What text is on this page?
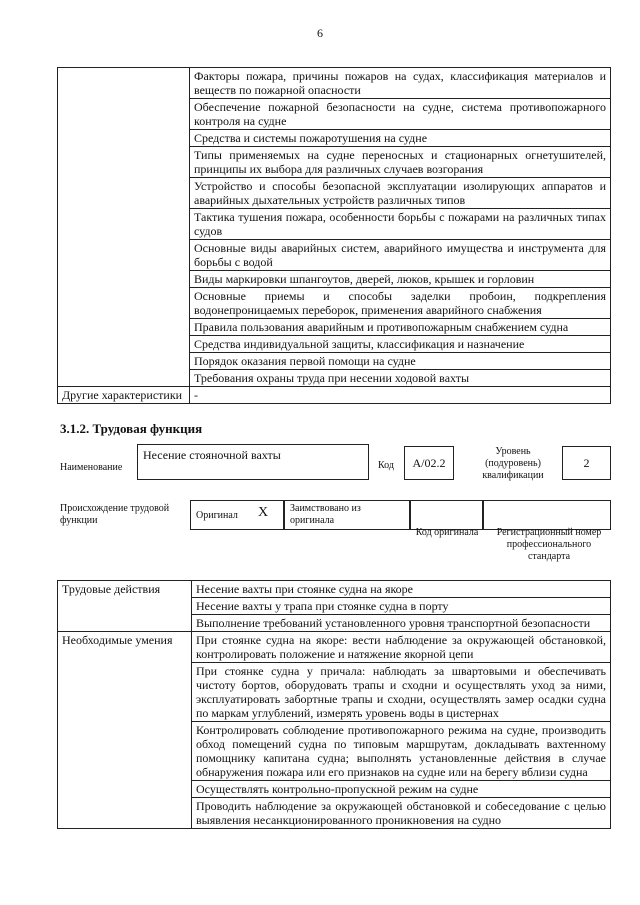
6
	Факторы пожара, причины пожаров на судах, классификация материалов и веществ по пожарной опасности
	Обеспечение пожарной безопасности на судне, система противопожарного контроля на судне
	Средства и системы пожаротушения на судне
	Типы применяемых на судне переносных и стационарных огнетушителей, принципы их выбора для различных случаев возгорания
	Устройство и способы безопасной эксплуатации изолирующих аппаратов и аварийных дыхательных устройств различных типов
	Тактика тушения пожара, особенности борьбы с пожарами на различных типах судов
	Основные виды аварийных систем, аварийного имущества и инструмента для борьбы с водой
	Виды маркировки шпангоутов, дверей, люков, крышек и горловин
	Основные приемы и способы заделки пробоин, подкрепления водонепроницаемых переборок, применения аварийного снабжения
	Правила пользования аварийным и противопожарным снабжением судна
	Средства индивидуальной защиты, классификация и назначение
	Порядок оказания первой помощи на судне
	Требования охраны труда при несении ходовой вахты
Другие характеристики	-
3.1.2. Трудовая функция
Наименование
Несение стояночной вахты
Код	А/02.2
Уровень (подуровень) квалификации
2
Происхождение трудовой функции	Оригинал X Заимствовано из оригинала
Код оригинала	Регистрационный номер профессионального стандарта
Трудовые действия	Несение вахты при стоянке судна на якоре
	Несение вахты у трапа при стоянке судна в порту
	Выполнение требований установленного уровня транспортной безопасности
Необходимые умения	При стоянке судна на якоре: вести наблюдение за окружающей обстановкой, контролировать положение и натяжение якорной цепи
	При стоянке судна у причала: наблюдать за швартовыми и обеспечивать чистоту бортов, оборудовать трапы и сходни и осуществлять уход за ними, эксплуатировать забортные трапы и сходни, осуществлять замер осадки судна по маркам углублений, измерять уровень воды в цистернах
	Контролировать соблюдение противопожарного режима на судне, производить обход помещений судна по типовым маршрутам, докладывать вахтенному помощнику капитана судна; выполнять установленные действия в случае обнаружения пожара или его признаков на судне или на берегу вблизи судна
	Осуществлять контрольно-пропускной режим на судне
	Проводить наблюдение за окружающей обстановкой и собеседование с целью выявления несанкционированного проникновения на судно
